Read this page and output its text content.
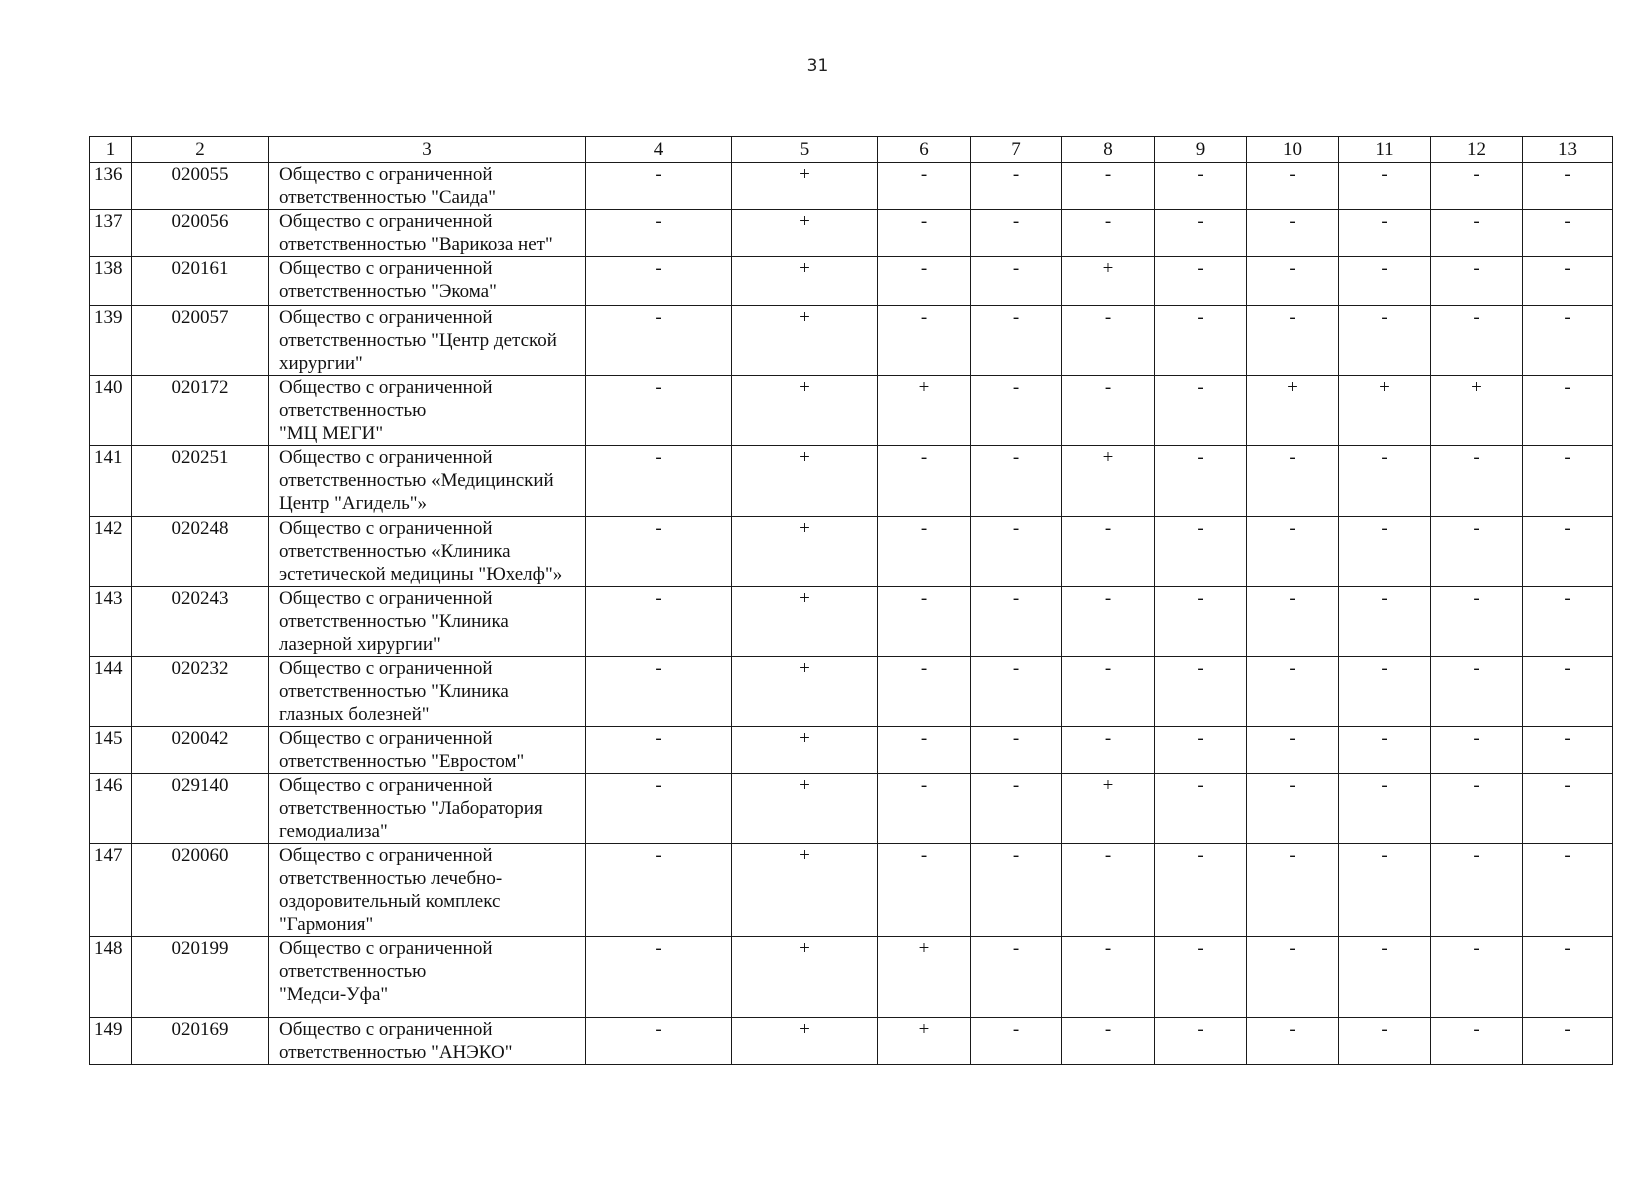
31
1	2	3	4	5	6	7	8	9	10	11	12	13
136	020055	Общество с ограниченной
ответственностью "Саида"	-	+	-	-	-	-	-	-	-	-
137	020056	Общество с ограниченной
ответственностью "Варикоза нет"	-	+	-	-	-	-	-	-	-	-
138	020161	Общество с ограниченной
ответственностью "Экома"	-	+	-	-	+	-	-	-	-	-
139	020057	Общество с ограниченной
ответственностью "Центр детской
хирургии"	-	+	-	-	-	-	-	-	-	-
140	020172	Общество с ограниченной
ответственностью
"МЦ МЕГИ"	-	+	+	-	-	-	+	+	+	-
141	020251	Общество с ограниченной
ответственностью «Медицинский
Центр "Агидель"»	-	+	-	-	+	-	-	-	-	-
142	020248	Общество с ограниченной
ответственностью «Клиника
эстетической медицины "Юхелф"»	-	+	-	-	-	-	-	-	-	-
143	020243	Общество с ограниченной
ответственностью "Клиника
лазерной хирургии"	-	+	-	-	-	-	-	-	-	-
144	020232	Общество с ограниченной
ответственностью "Клиника
глазных болезней"	-	+	-	-	-	-	-	-	-	-
145	020042	Общество с ограниченной
ответственностью "Евростом"	-	+	-	-	-	-	-	-	-	-
146	029140	Общество с ограниченной
ответственностью "Лаборатория
гемодиализа"	-	+	-	-	+	-	-	-	-	-
147	020060	Общество с ограниченной
ответственностью лечебно-
оздоровительный комплекс
"Гармония"	-	+	-	-	-	-	-	-	-	-
148	020199	Общество с ограниченной
ответственностью
"Медси-Уфа"	-	+	+	-	-	-	-	-	-	-
149	020169	Общество с ограниченной
ответственностью "АНЭКО"	-	+	+	-	-	-	-	-	-	-
